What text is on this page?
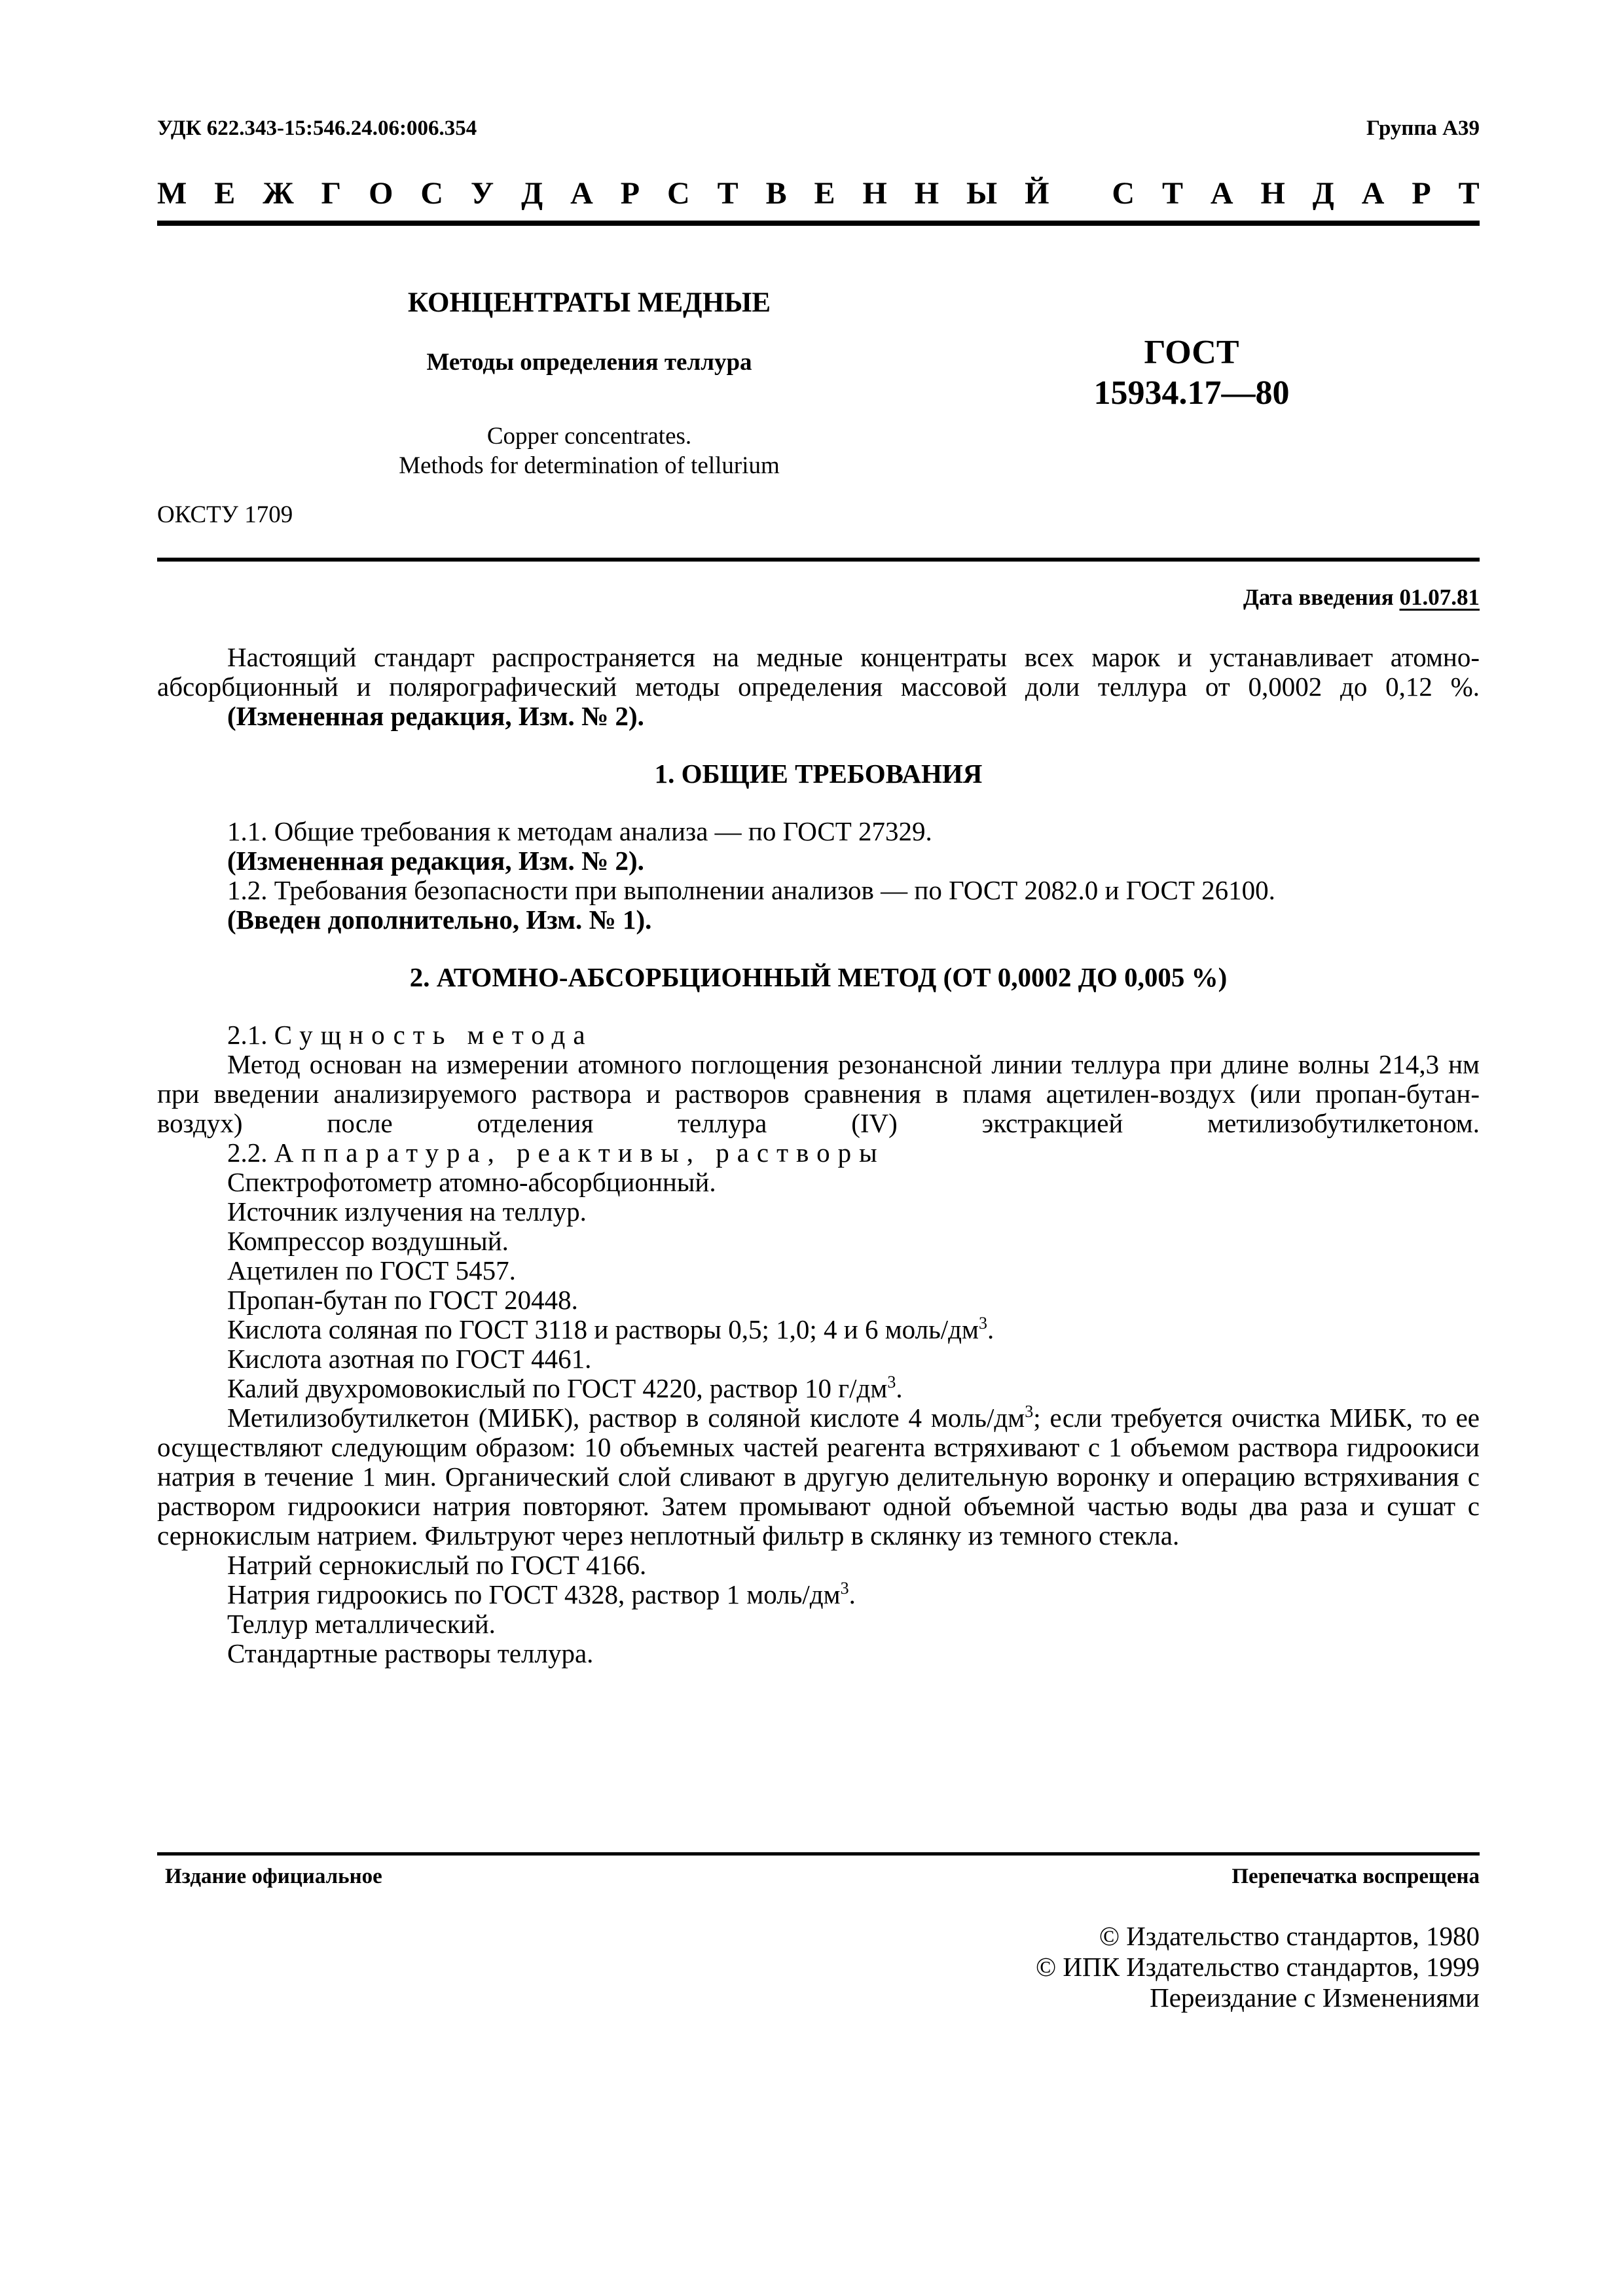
УДК 622.343-15:546.24.06:006.354	Группа А39
М Е Ж Г О С У Д А Р С Т В Е Н Н Ы Й
С Т А Н Д А Р Т
КОНЦЕНТРАТЫ МЕДНЫЕ
Методы определения теллура
Copper concentrates.
Methods for determination of tellurium
ГОСТ
15934.17—80
ОКСТУ 1709
Дата введения 01.07.81

Настоящий стандарт распространяется на медные концентраты всех марок и устанавливает атомно-абсорбционный и полярографический методы определения массовой доли теллура от 0,0002 до 0,12 %.

(Измененная редакция, Изм. № 2).

1. ОБЩИЕ ТРЕБОВАНИЯ

1.1. Общие требования к методам анализа — по ГОСТ 27329.

(Измененная редакция, Изм. № 2).

1.2. Требования безопасности при выполнении анализов — по ГОСТ 2082.0 и ГОСТ 26100.

(Введен дополнительно, Изм. № 1).

2. АТОМНО-АБСОРБЦИОННЫЙ МЕТОД (ОТ 0,0002 ДО 0,005 %)

2.1. Сущность метода

Метод основан на измерении атомного поглощения резонансной линии теллура при длине волны 214,3 нм при введении анализируемого раствора и растворов сравнения в пламя ацетилен-воздух (или пропан-бутан-воздух) после отделения теллура (IV) экстракцией метилизобутилкетоном.

2.2. Аппаратура, реактивы, растворы

Спектрофотометр атомно-абсорбционный.

Источник излучения на теллур.

Компрессор воздушный.

Ацетилен по ГОСТ 5457.

Пропан-бутан по ГОСТ 20448.

Кислота соляная по ГОСТ 3118 и растворы 0,5; 1,0; 4 и 6 моль/$дм^3$.

Кислота азотная по ГОСТ 4461.

Калий двухромовокислый по ГОСТ 4220, раствор 10 $г/дм^3$.

Метилизобутилкетон (МИБК), раствор в соляной кислоте 4 моль/$дм^3$; если требуется очистка МИБК, то ее осуществляют следующим образом: 10 объемных частей реагента встряхивают с 1 объемом раствора гидроокиси натрия в течение 1 мин. Органический слой сливают в другую делительную воронку и операцию встряхивания с раствором гидроокиси натрия повторяют. Затем промывают одной объемной частью воды два раза и сушат с сернокислым натрием. Фильтруют через неплотный фильтр в склянку из темного стекла.

Натрий сернокислый по ГОСТ 4166.

Натрия гидроокись по ГОСТ 4328, раствор 1 моль/$дм^3$.

Теллур металлический.

Стандартные растворы теллура.

Издание официальное	Перепечатка воспрещена
© Издательство стандартов, 1980
© ИПК Издательство стандартов, 1999
Переиздание с Изменениями
